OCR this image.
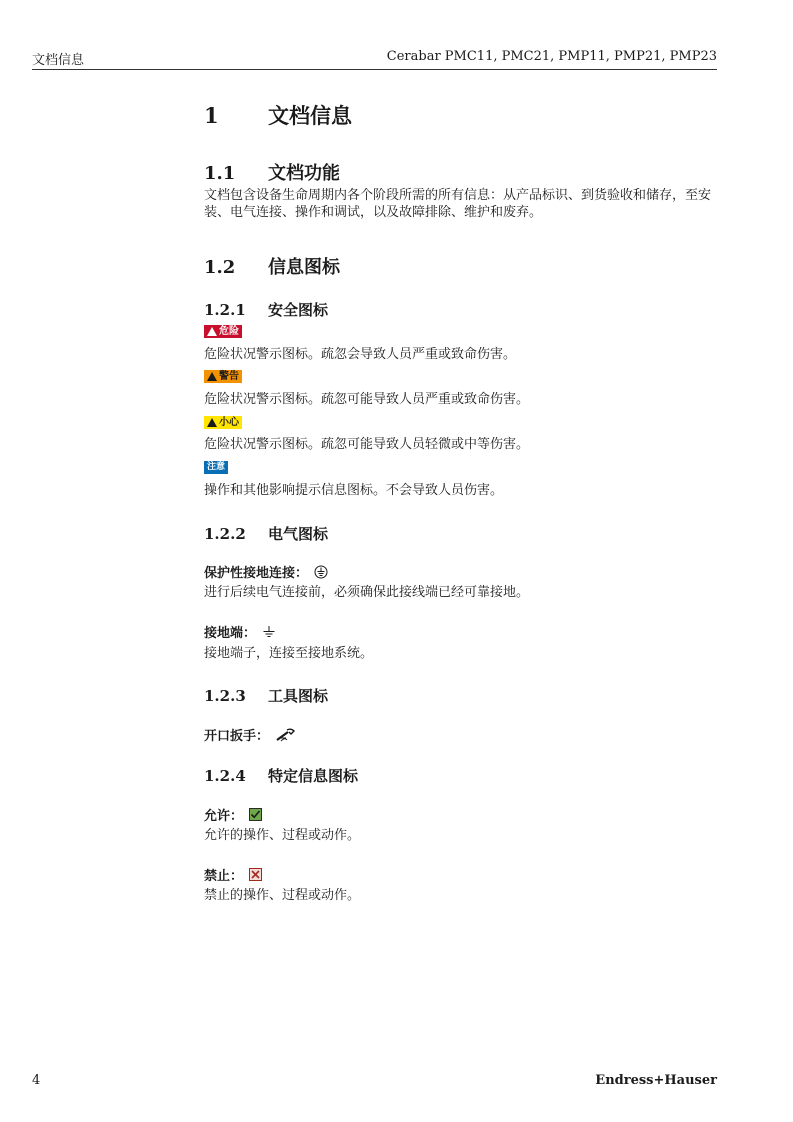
文档信息	Cerabar PMC11, PMC21, PMP11, PMP21, PMP23
1 文档信息
1.1 文档功能
文档包含设备生命周期内各个阶段所需的所有信息：从产品标识、到货验收和储存，至安装、电气连接、操作和调试，以及故障排除、维护和废弃。
1.2 信息图标
1.2.1 安全图标
危险
危险状况警示图标。疏忽会导致人员严重或致命伤害。
警告
危险状况警示图标。疏忽可能导致人员严重或致命伤害。
小心
危险状况警示图标。疏忽可能导致人员轻微或中等伤害。
注意
操作和其他影响提示信息图标。不会导致人员伤害。
1.2.2 电气图标
保护性接地连接：
进行后续电气连接前，必须确保此接线端已经可靠接地。
接地端：
接地端子，连接至接地系统。
1.2.3 工具图标
开口扳手：
1.2.4 特定信息图标
允许：
允许的操作、过程或动作。
禁止：
禁止的操作、过程或动作。
4	Endress+Hauser
